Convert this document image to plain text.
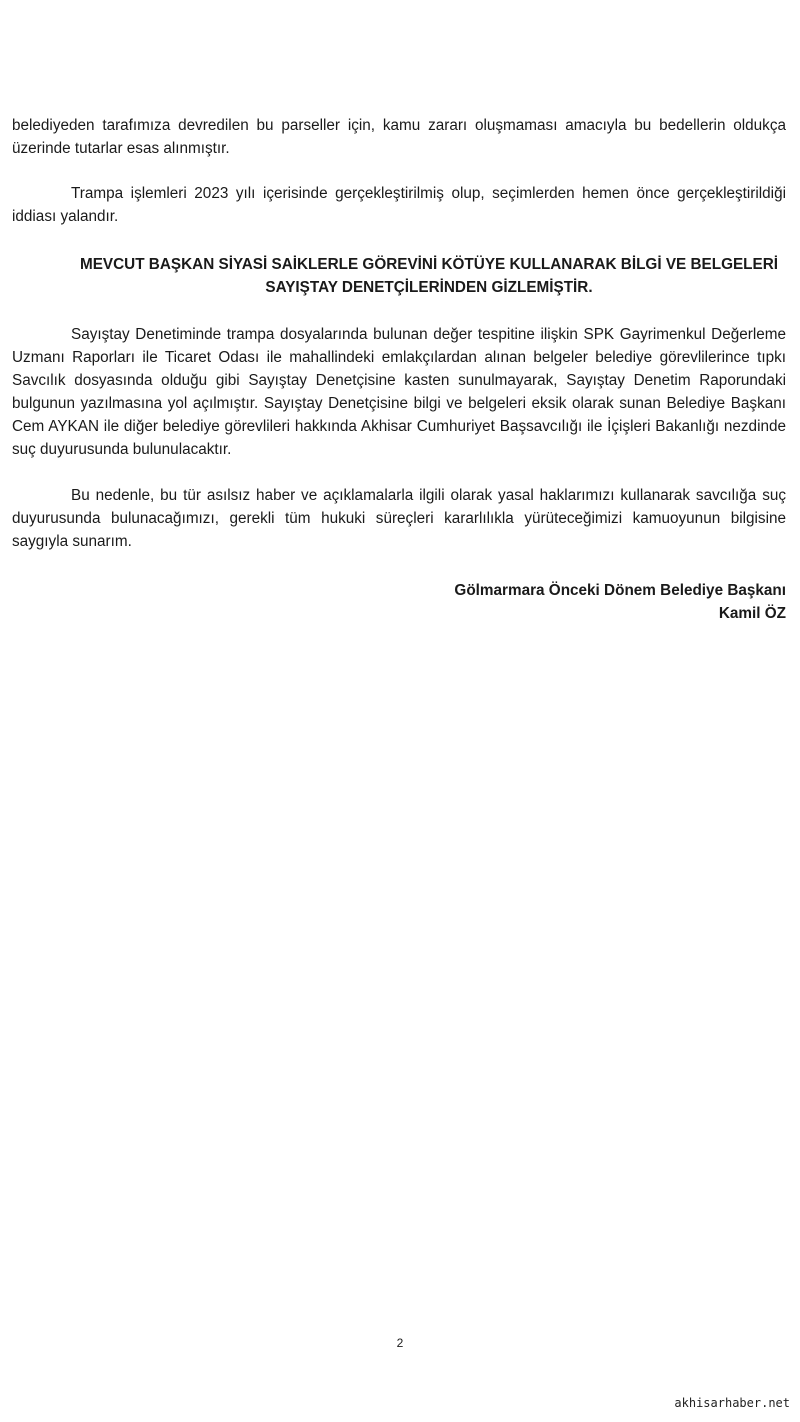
belediyeden tarafımıza devredilen bu parseller için, kamu zararı oluşmaması amacıyla bu bedellerin oldukça üzerinde tutarlar esas alınmıştır.

Trampa işlemleri 2023 yılı içerisinde gerçekleştirilmiş olup, seçimlerden hemen önce gerçekleştirildiği iddiası yalandır.

MEVCUT BAŞKAN SİYASİ SAİKLERLE GÖREVİNİ KÖTÜYE KULLANARAK BİLGİ VE BELGELERİ
SAYIŞTAY DENETÇİLERİNDEN GİZLEMİŞTİR.

Sayıştay Denetiminde trampa dosyalarında bulunan değer tespitine ilişkin SPK Gayrimenkul Değerleme Uzmanı Raporları ile Ticaret Odası ile mahallindeki emlakçılardan alınan belgeler belediye görevlilerince tıpkı Savcılık dosyasında olduğu gibi Sayıştay Denetçisine kasten sunulmayarak, Sayıştay Denetim Raporundaki bulgunun yazılmasına yol açılmıştır. Sayıştay Denetçisine bilgi ve belgeleri eksik olarak sunan Belediye Başkanı Cem AYKAN ile diğer belediye görevlileri hakkında Akhisar Cumhuriyet Başsavcılığı ile İçişleri Bakanlığı nezdinde suç duyurusunda bulunulacaktır.

Bu nedenle, bu tür asılsız haber ve açıklamalarla ilgili olarak yasal haklarımızı kullanarak savcılığa suç duyurusunda bulunacağımızı, gerekli tüm hukuki süreçleri kararlılıkla yürüteceğimizi kamuoyunun bilgisine saygıyla sunarım.

Gölmarmara Önceki Dönem Belediye Başkanı
Kamil ÖZ
2
akhisarhaber.net
